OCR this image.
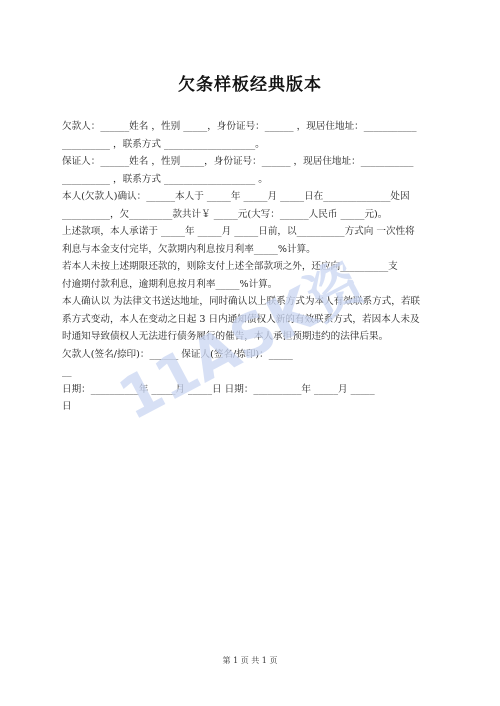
欠条样板经典版本
欠款人：______姓名 ，性别 _____，身份证号：______ ，现居住地址：___________
__________ ，联系方式 ___________________。
保证人：______姓名 ，性别_____，身份证号：______ ，现居住地址：___________
__________ ，联系方式 ___________________ 。
本人(欠款人)确认：______本人于 _____年 _____月 _____日在______________处因
__________，欠_________款共计￥ _____元(大写：______人民币 _____元)。
上述款项，本人承诺于 _____年 _____月 _____日前，以__________方式向 一次性将
利息与本金支付完毕，欠款期内利息按月利率_____%计算。
若本人未按上述期限还款的，则除支付上述全部款项之外，还应向__________支
付逾期付款利息，逾期利息按月利率_____%计算。
本人确认以 为法律文书送达地址，同时确认以上联系方式为本人有效联系方式，若联
系方式变动，本人在变动之日起 3 日内通知债权人新的有效联系方式，若因本人未及
时通知导致债权人无法进行债务履行的催告，本人承担预期违约的法律后果。
欠款人(签名/捺印)：______ 保证人(签名/捺印)：_____
__
日期：__________年 _____月 _____日 日期：__________年 _____月 _____
日 11ASK资料
第 1 页 共 1 页
